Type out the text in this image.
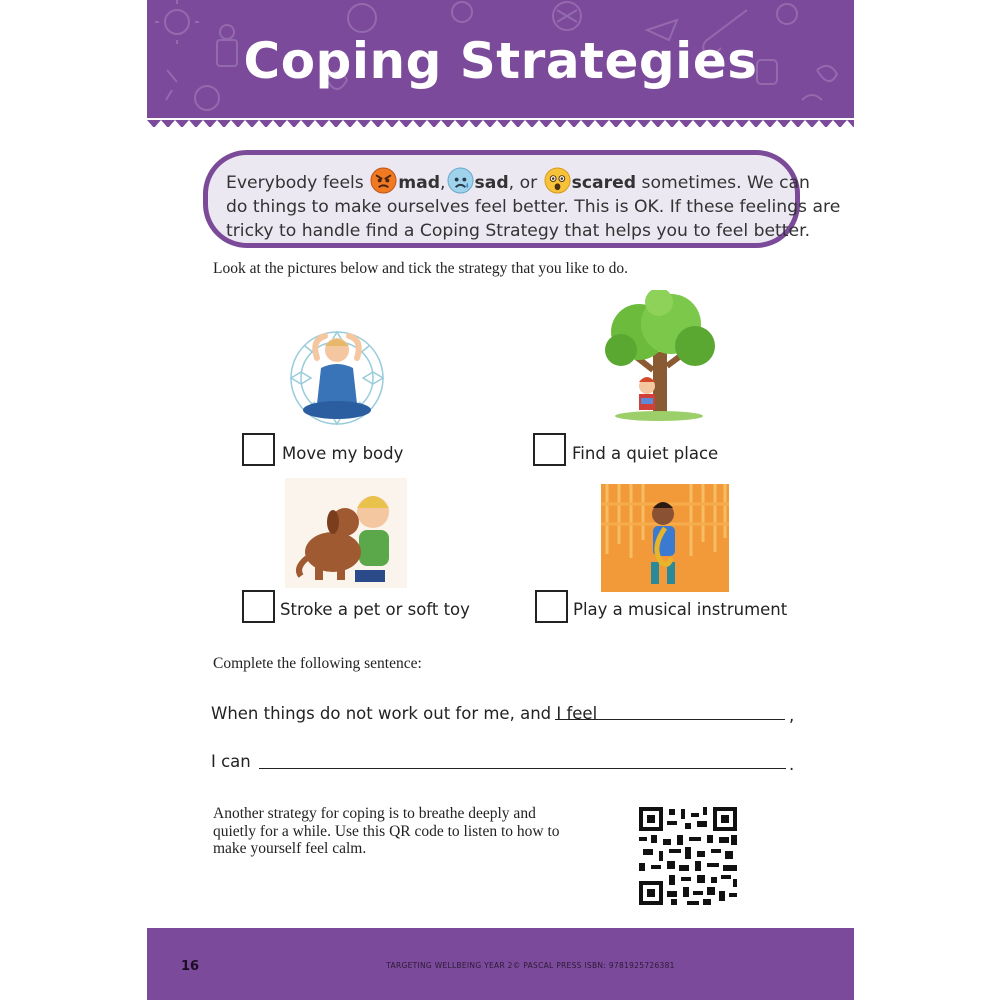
Coping Strategies
Everybody feels mad, sad, or scared sometimes. We can
do things to make ourselves feel better. This is OK. If these feelings are
tricky to handle find a Coping Strategy that helps you to feel better.
Look at the pictures below and tick the strategy that you like to do.
Move my body	Find a quiet place
Stroke a pet or soft toy	Play a musical instrument
Complete the following sentence:
When things do not work out for me, and I feel	,
I can	.
Another strategy for coping is to breathe deeply and quietly for a while. Use this QR code to listen to how to make yourself feel calm.
16	TARGETING WELLBEING YEAR 2© PASCAL PRESS ISBN: 9781925726381
